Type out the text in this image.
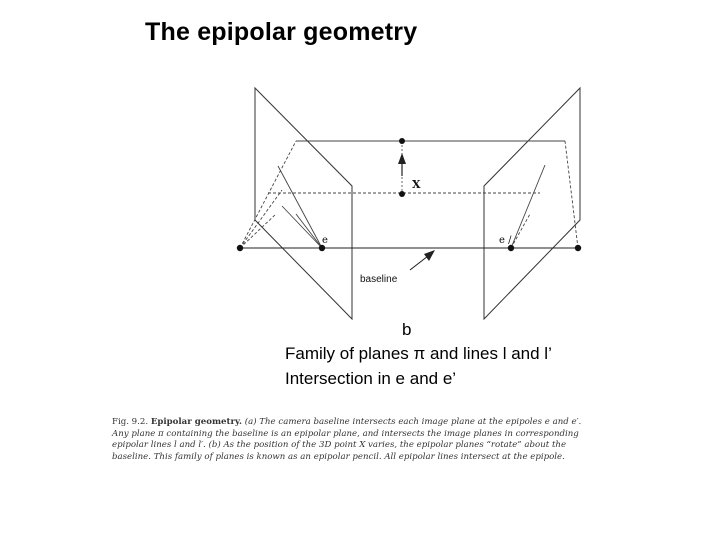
The epipolar geometry
X
e	e /
baseline
b
Family of planes π and lines l and l’
Intersection in e and e’
Fig. 9.2. Epipolar geometry. (a) The camera baseline intersects each image plane at the epipoles e and e′. Any plane π containing the baseline is an epipolar plane, and intersects the image planes in corresponding epipolar lines l and l′. (b) As the position of the 3D point X varies, the epipolar planes “rotate” about the baseline. This family of planes is known as an epipolar pencil. All epipolar lines intersect at the epipole.
